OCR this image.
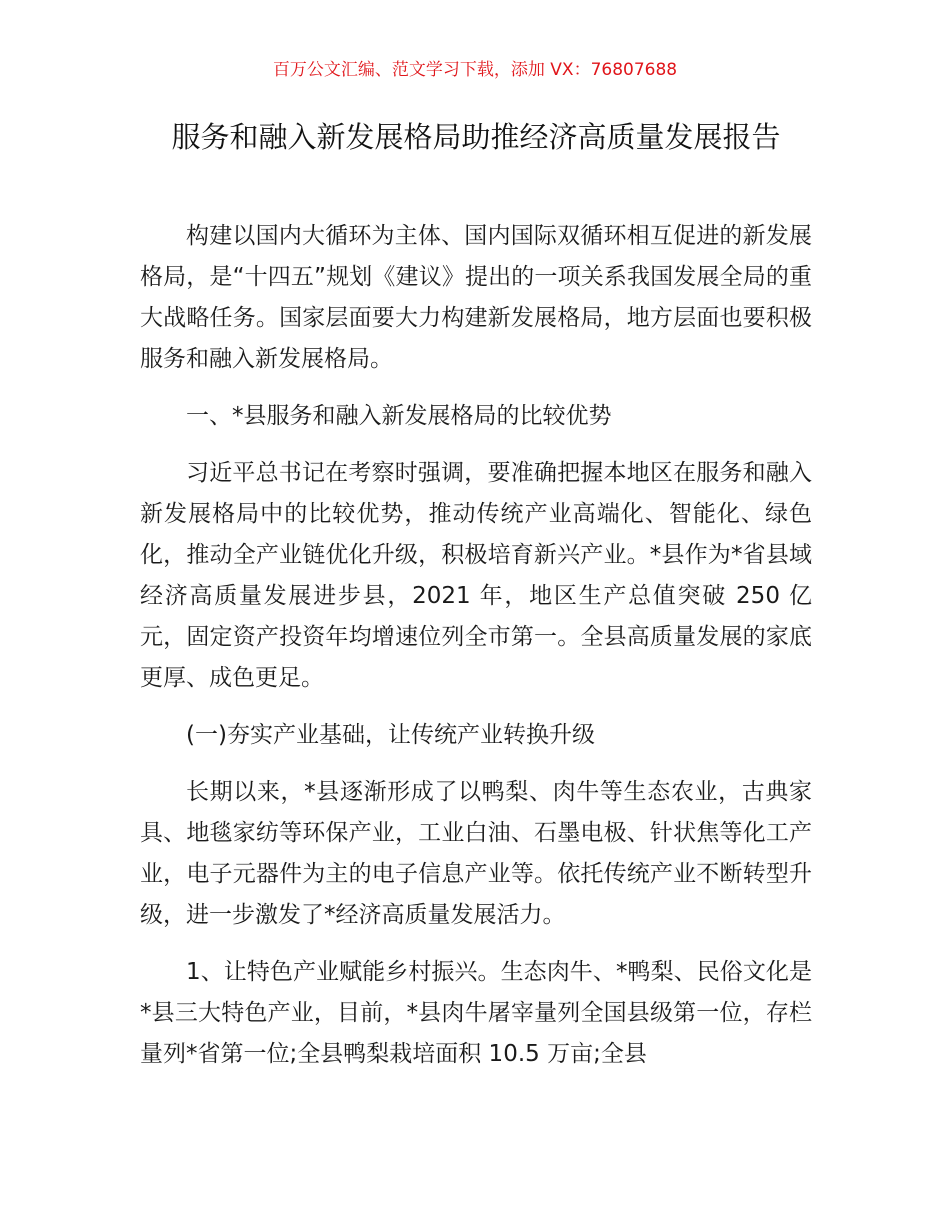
百万公文汇编、范文学习下载，添加 VX：76807688
服务和融入新发展格局助推经济高质量发展报告

构建以国内大循环为主体、国内国际双循环相互促进的新发展格局，是“十四五”规划《建议》提出的一项关系我国发展全局的重大战略任务。国家层面要大力构建新发展格局，地方层面也要积极服务和融入新发展格局。

一、*县服务和融入新发展格局的比较优势

习近平总书记在考察时强调，要准确把握本地区在服务和融入新发展格局中的比较优势，推动传统产业高端化、智能化、绿色化，推动全产业链优化升级，积极培育新兴产业。*县作为*省县域经济高质量发展进步县，2021 年，地区生产总值突破 250 亿元，固定资产投资年均增速位列全市第一。全县高质量发展的家底更厚、成色更足。

(一)夯实产业基础，让传统产业转换升级

长期以来，*县逐渐形成了以鸭梨、肉牛等生态农业，古典家具、地毯家纺等环保产业，工业白油、石墨电极、针状焦等化工产业，电子元器件为主的电子信息产业等。依托传统产业不断转型升级，进一步激发了*经济高质量发展活力。

1、让特色产业赋能乡村振兴。生态肉牛、*鸭梨、民俗文化是*县三大特色产业，目前，*县肉牛屠宰量列全国县级第一位，存栏量列*省第一位;全县鸭梨栽培面积 10.5 万亩;全县
